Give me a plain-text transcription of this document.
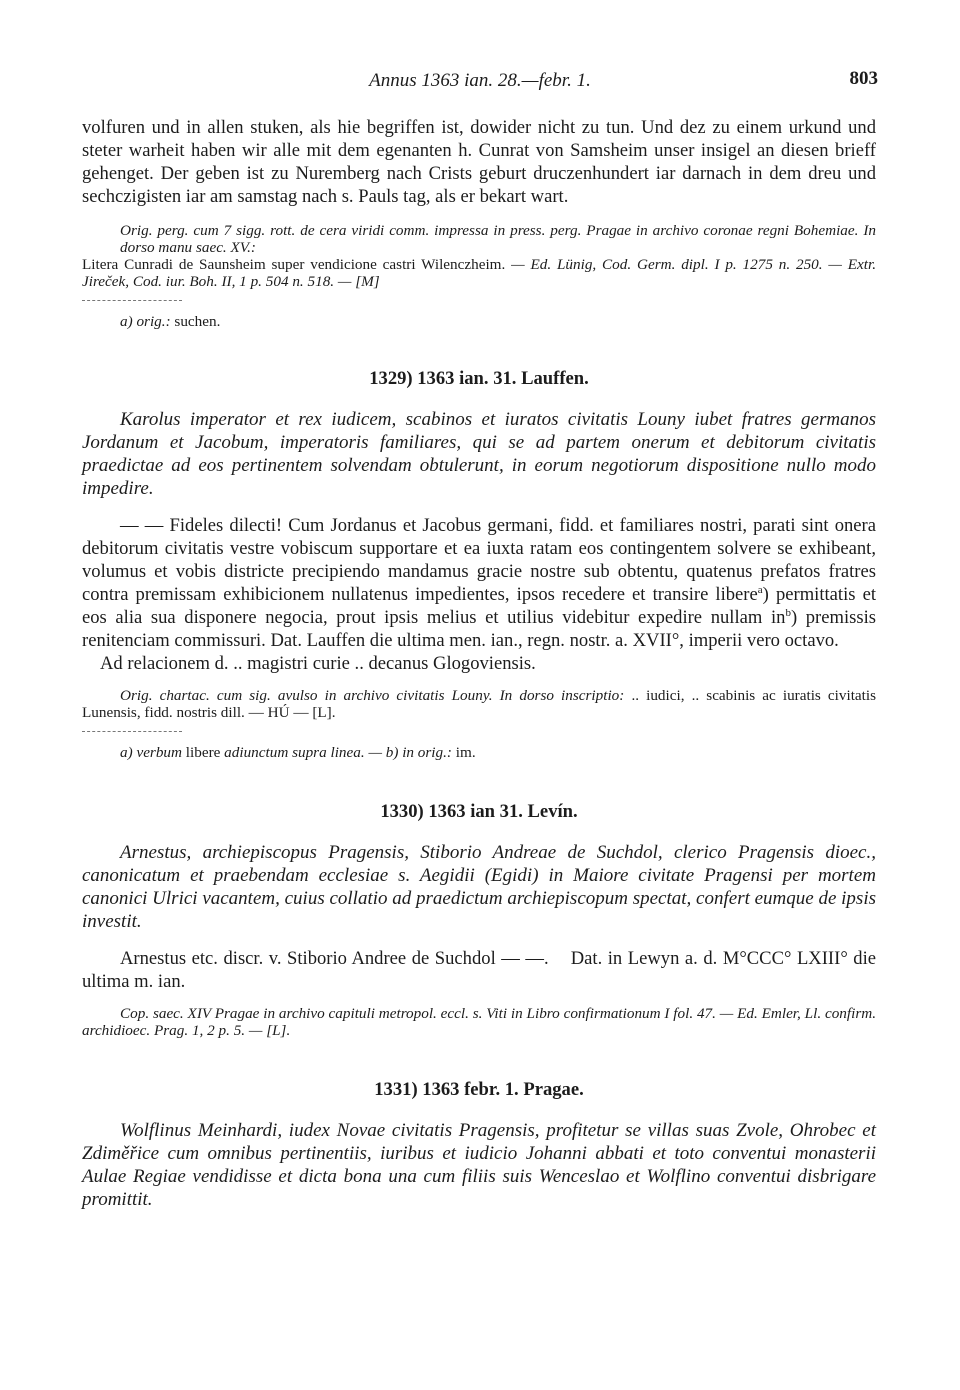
Annus 1363 ian. 28.—febr. 1.	803

volfuren und in allen stuken, als hie begriffen ist, dowider nicht zu tun. Und dez zu einem urkund und steter warheit haben wir alle mit dem egenanten h. Cunrat von Samsheim unser insigel an diesen brieff gehenget. Der geben ist zu Nuremberg nach Crists geburt druczenhundert iar darnach in dem dreu und sechczigisten iar am samstag nach s. Pauls tag, als er bekart wart.

Orig. perg. cum 7 sigg. rott. de cera viridi comm. impressa in press. perg. Pragae in archivo coronae regni Bohemiae. In dorso manu saec. XV.: Litera Cunradi de Saunsheim super vendicione castri Wilenczheim. — Ed. Lünig, Cod. Germ. dipl. I p. 1275 n. 250. — Extr. Jireček, Cod. iur. Boh. II, 1 p. 504 n. 518. — [M]

a) orig.: suchen.

1329) 1363 ian. 31. Lauffen.

Karolus imperator et rex iudicem, scabinos et iuratos civitatis Louny iubet fratres germanos Jordanum et Jacobum, imperatoris familiares, qui se ad partem onerum et debitorum civitatis praedictae ad eos pertinentem solvendam obtulerunt, in eorum negotiorum dispositione nullo modo impedire.

— — Fideles dilecti! Cum Jordanus et Jacobus germani, fidd. et familiares nostri, parati sint onera debitorum civitatis vestre vobiscum supportare et ea iuxta ratam eos contingentem solvere se exhibeant, volumus et vobis districte precipiendo mandamus gracie nostre sub obtentu, quatenus prefatos fratres contra premissam exhibicionem nullatenus impedientes, ipsos recedere et transire libere$^a$) permittatis et eos alia sua disponere negocia, prout ipsis melius et utilius videbitur expedire nullam $in^b$) premissis renitenciam commissuri. Dat. Lauffen die ultima men. ian., regn. nostr. a. XVII°, imperii vero octavo.

Ad relacionem d. .. magistri curie .. decanus Glogoviensis.

Orig. chartac. cum sig. avulso in archivo civitatis Louny. In dorso inscriptio: .. iudici, .. scabinis ac iuratis civitatis Lunensis, fidd. nostris dill. — HÚ — [L].

a) verbum libere adiunctum supra linea. — b) in orig.: im.

1330) 1363 ian 31. Levín.

Arnestus, archiepiscopus Pragensis, Stiborio Andreae de Suchdol, clerico Pragensis dioec., canonicatum et praebendam ecclesiae s. Aegidii (Egidi) in Maiore civitate Pragensi per mortem canonici Ulrici vacantem, cuius collatio ad praedictum archiepiscopum spectat, confert eumque de ipsis investit.

Arnestus etc. discr. v. Stiborio Andree de Suchdol — —.    Dat. in Lewyn a. d. M°CCC° LXIII° die ultima m. ian.

Cop. saec. XIV Pragae in archivo capituli metropol. eccl. s. Viti in Libro confirmationum I fol. 47. — Ed. Emler, Ll. confirm. archidioec. Prag. 1, 2 p. 5. — [L].

1331) 1363 febr. 1. Pragae.

Wolflinus Meinhardi, iudex Novae civitatis Pragensis, profitetur se villas suas Zvole, Ohrobec et Zdiměřice cum omnibus pertinentiis, iuribus et iudicio Johanni abbati et toto conventui monasterii Aulae Regiae vendidisse et dicta bona una cum filiis suis Wenceslao et Wolflino conventui disbrigare promittit.
